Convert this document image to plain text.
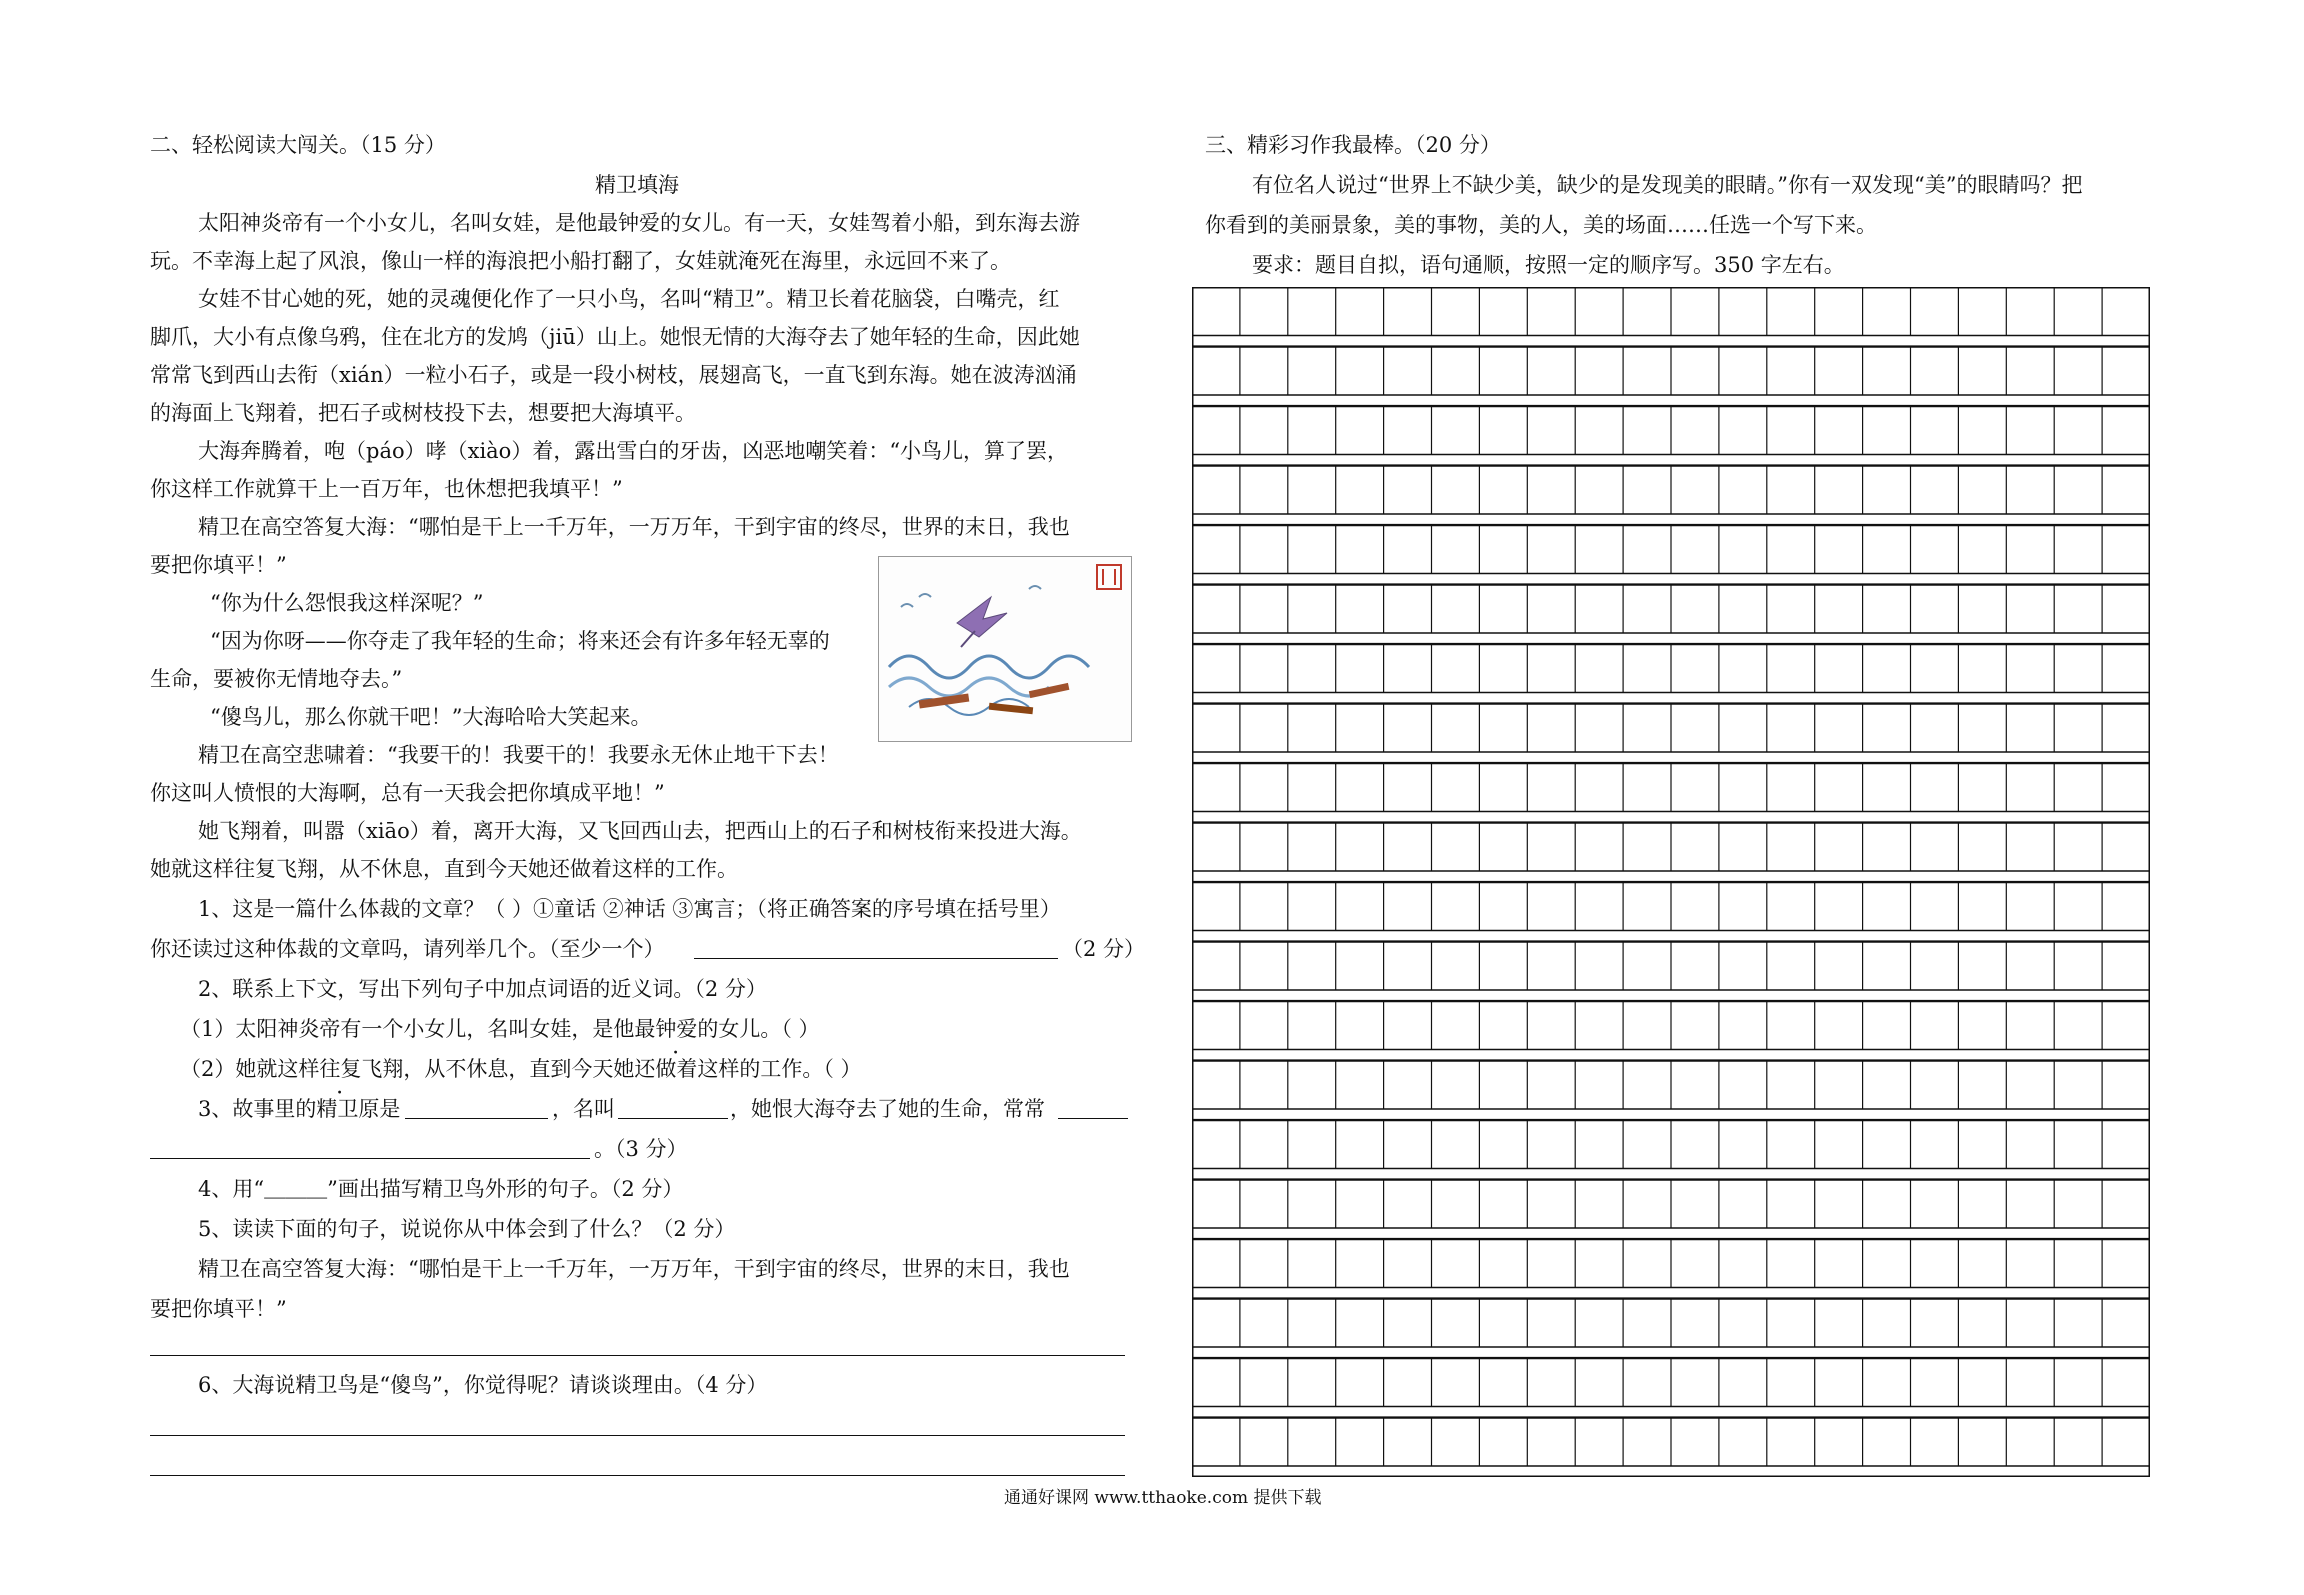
二、轻松阅读大闯关。（15 分）
精卫填海
太阳神炎帝有一个小女儿，名叫女娃，是他最钟爱的女儿。有一天，女娃驾着小船，到东海去游
玩。不幸海上起了风浪，像山一样的海浪把小船打翻了，女娃就淹死在海里，永远回不来了。
女娃不甘心她的死，她的灵魂便化作了一只小鸟，名叫“精卫”。精卫长着花脑袋，白嘴壳，红
脚爪，大小有点像乌鸦，住在北方的发鸠（jiū）山上。她恨无情的大海夺去了她年轻的生命，因此她
常常飞到西山去衔（xián）一粒小石子，或是一段小树枝，展翅高飞，一直飞到东海。她在波涛汹涌
的海面上飞翔着，把石子或树枝投下去，想要把大海填平。
大海奔腾着，咆（páo）哮（xiào）着，露出雪白的牙齿，凶恶地嘲笑着：“小鸟儿，算了罢，
你这样工作就算干上一百万年，也休想把我填平！”
精卫在高空答复大海：“哪怕是干上一千万年，一万万年，干到宇宙的终尽，世界的末日，我也
要把你填平！”
“你为什么怨恨我这样深呢？”
“因为你呀——你夺走了我年轻的生命；将来还会有许多年轻无辜的
生命，要被你无情地夺去。”
“傻鸟儿，那么你就干吧！”大海哈哈大笑起来。
精卫在高空悲啸着：“我要干的！我要干的！我要永无休止地干下去！
你这叫人愤恨的大海啊，总有一天我会把你填成平地！”
她飞翔着，叫嚣（xiāo）着，离开大海，又飞回西山去，把西山上的石子和树枝衔来投进大海。
她就这样往复飞翔，从不休息，直到今天她还做着这样的工作。
1、这是一篇什么体裁的文章？（ ）①童话 ②神话 ③寓言；（将正确答案的序号填在括号里）
你还读过这种体裁的文章吗，请列举几个。（至少一个）	（2 分）
2、联系上下文，写出下列句子中加点词语的近义词。（2 分）
（1）太阳神炎帝有一个小女儿，名叫女娃，是他最钟爱的女儿。（ ）
（2）她就这样往复飞翔，从不休息，直到今天她还做着这样的工作。（ ）
3、故事里的精卫原是	，名叫	，她恨大海夺去了她的生命，常常
。（3 分）
4、用“＿＿＿”画出描写精卫鸟外形的句子。（2 分）
5、读读下面的句子，说说你从中体会到了什么？（2 分）
精卫在高空答复大海：“哪怕是干上一千万年，一万万年，干到宇宙的终尽，世界的末日，我也
要把你填平！”
6、大海说精卫鸟是“傻鸟”，你觉得呢？请谈谈理由。（4 分）
三、精彩习作我最棒。（20 分）
有位名人说过“世界上不缺少美，缺少的是发现美的眼睛。”你有一双发现“美”的眼睛吗？把
你看到的美丽景象，美的事物，美的人，美的场面……任选一个写下来。
要求：题目自拟，语句通顺，按照一定的顺序写。350 字左右。
通通好课网 www.tthaoke.com 提供下载
